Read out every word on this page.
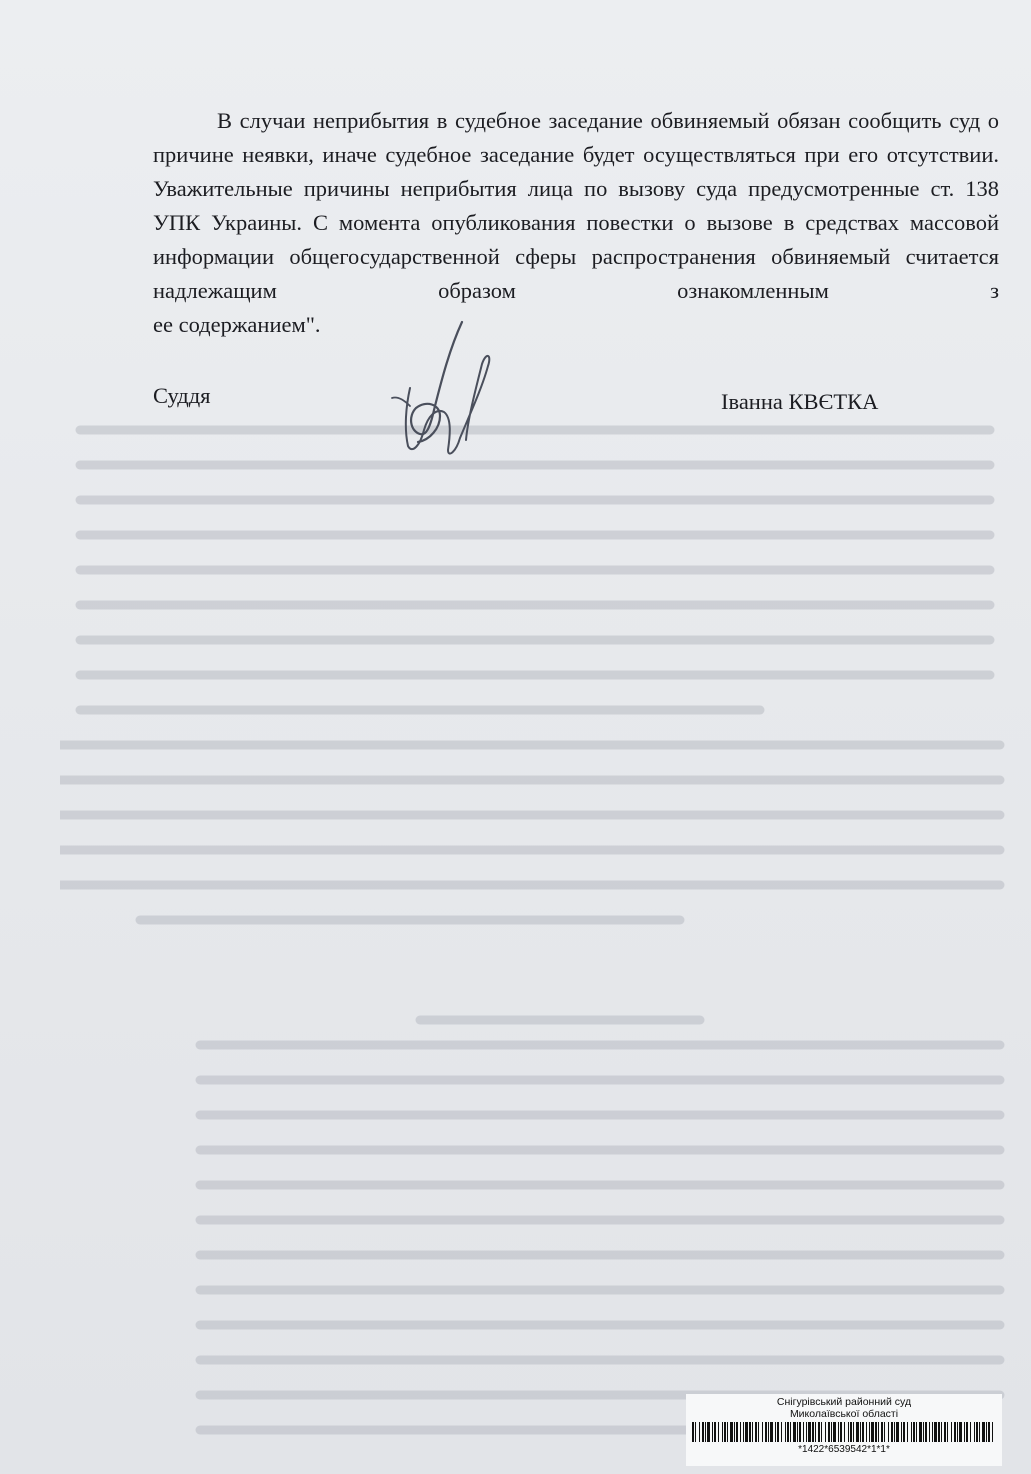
В случаи неприбытия в судебное заседание обвиняемый обязан сообщить суд о причине неявки, иначе судебное заседание будет осуществляться при его отсутствии. Уважительные причины неприбытия лица по вызову суда предусмотренные ст. 138 УПК Украины. С момента опубликования повестки о вызове в средствах массовой информации общегосударственной сферы распространения обвиняемый считается надлежащим образом ознакомленным з
ее содержанием".

Суддя	Іванна КВЄТКА
Снігурівський районний суд
Миколаївської області
*1422*6539542*1*1*
